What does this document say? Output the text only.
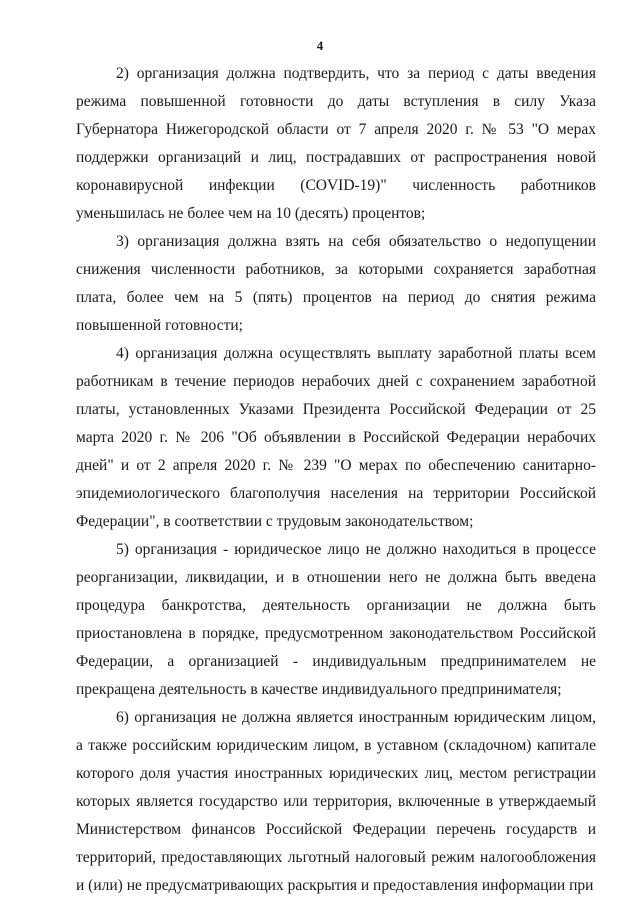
4

2) организация должна подтвердить, что за период с даты введения режима повышенной готовности до даты вступления в силу Указа Губернатора Нижегородской области от 7 апреля 2020 г. № 53 "О мерах поддержки организаций и лиц, пострадавших от распространения новой коронавирусной инфекции (COVID-19)" численность работников уменьшилась не более чем на 10 (десять) процентов;

3) организация должна взять на себя обязательство о недопущении снижения численности работников, за которыми сохраняется заработная плата, более чем на 5 (пять) процентов на период до снятия режима повышенной готовности;

4) организация должна осуществлять выплату заработной платы всем работникам в течение периодов нерабочих дней с сохранением заработной платы, установленных Указами Президента Российской Федерации от 25 марта 2020 г. № 206 "Об объявлении в Российской Федерации нерабочих дней" и от 2 апреля 2020 г. № 239 "О мерах по обеспечению санитарно-эпидемиологического благополучия населения на территории Российской Федерации", в соответствии с трудовым законодательством;

5) организация - юридическое лицо не должно находиться в процессе реорганизации, ликвидации, и в отношении него не должна быть введена процедура банкротства, деятельность организации не должна быть приостановлена в порядке, предусмотренном законодательством Российской Федерации, а организацией - индивидуальным предпринимателем не прекращена деятельность в качестве индивидуального предпринимателя;

6) организация не должна является иностранным юридическим лицом, а также российским юридическим лицом, в уставном (складочном) капитале которого доля участия иностранных юридических лиц, местом регистрации которых является государство или территория, включенные в утверждаемый Министерством финансов Российской Федерации перечень государств и территорий, предоставляющих льготный налоговый режим налогообложения и (или) не предусматривающих раскрытия и предоставления информации при
